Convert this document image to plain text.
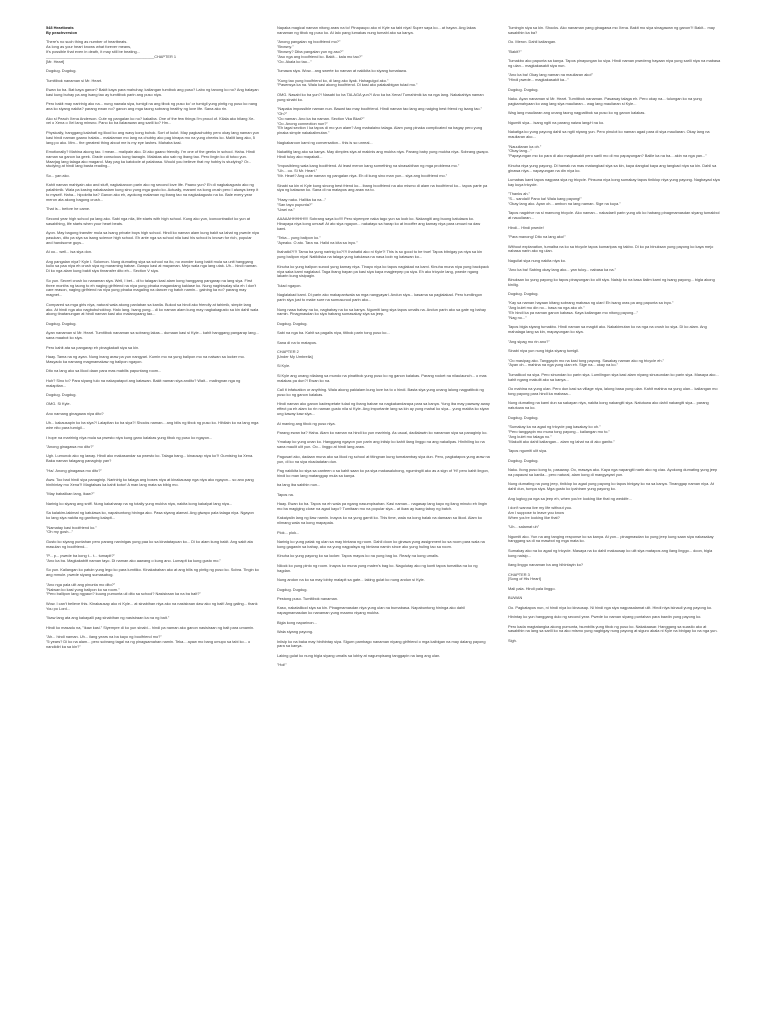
548 Heartbeats
By peachversion

There's no such thing as number of heartbeats.
As long as your heart knows what forever means,
It's possible that even in death, it may still be beating...
__________________________________________________CHAPTER 1
[Mr. Heart]

Dugdug. Dugdug.

Tumitibok nanaman si Mr. Heart.

Ewan ko ba. Bat kaya ganon? Bakit kaya para mahuhay, kailangan tumibok ang puso? Labo ng tanong ko no? Ang balayan kasi kung buhay pa ang isang tao ay tumitibok parin ang puso niya.

Pero bakit may naririnig ako na... nung nawala siya, tumigil na ang tibok ng puso ko' or tumigil yung pintig ng puso ko nang ana ko siyang nakita? parang ewan no? ganon ang mga taong sobrang healthy ng love life. Sana ako rin.

Ako si Peach Xena Anderson. Cute ng pangalan ko no? kakaiba. One of the few things I'm proud of. Kilala ako bilang Xe-xei o Xena o Xei lang minsno. Pano ko ba ilalarawan ang sarili ko? Hm...

Physically, hanggang kalahati ng likod ko ang wavy kong buhok. Sort of kulot. May pagkachubby pero okay lang naman yun kasi hindi naman gaano halata... malalaman mo lang na chubby ako pag kinapa mo na yung cheeks ko. Maliit lang ako, 5 lang po ako. Mm... the greatest thing about me is my eye lashes. Mahaba kasi.

Emotionally? Mahina akong tao. I mean... malipain ako. Di ako gaano friendly. I'm one of the geeks in school. Haha. Hindi naman sa ganon ka geek. Grade conscious kung tawagin. Malakas ako sab ng ibang tao. Pero lingin ko di totoo yun. Maarjag lang talaga ako magarol. May pag ka katolode at palabasa. Would you believe that my hobby is studying? Or... studying at hindi lang basta reading...

So... yan ako.

Kahit naman mahiyain ako and stuff, nagkakaroon parin ako ng second love life. Paano yun? Eh di nagkakagusto ako ng palaihimik. Wala pa kasing nakakaalam kung sino yung mga gusto ko. Actually, marami na kong crush pero I always keep it to myself. Haha... hipokrita ba? Ganon ako eh, ayokong malaman ng ibang tao na nagkakagusto na ko. Bale every year meron ata akong bagong crush...

That is... before he came.

Second year high school pa lang ako. Sabi nga nila, life starts with high school. Kung ako yun, iconcontradict ko yun at sasabihing, life starts when your heart beats.

Ayon. May bagong transfer mula sa isang private boys high school. Hindi ko naman alam kung bakit sa lahat ng pwede niya pasukan, dito pa siya sa isang science high school. Eh ante nga sa school nila kasi his school is known for rich, popular and handsome guys...

At oo... well... isa siya don.

Ang pangalan niya? Kyle I. Solomon. Nung dumating siya sa school na ito, no wonder kung bakit mula sa unit hanggang kulio sa paa niya eh crush siya ng maraming babae. Gwapo kasi at mayaman. Mejo wala nga lang utak. Uh... hindi naman. Di ko nga alam kung bakit siya tinransfer dito eh... Section V siya.

So yun. Secret crush ko nanaman siya. Well, I bet... di to talagan kasi alam kong hanggang pangarap na lang siya. First three months ng taong to eh naging girlfriend na niya yung pinaka magandang kaklase ko. Nung naghiwalay sila eh I don't care reason, naging girlfriend na niya yung pinaka magaling na dancer ng batch namin... gaining ka no? parang may magnet...

Compared sa mga girls niya, natural wala akong panlaban sa kanila. Bukod sa hindi ako friendly at tahimik, simple lang ako. At hindi nga ako nagbubuhokboy. Halo lang. Isang yung... di ko naman alam kung may nagkakagusto sa kin dahil wala akong tinatanungan at hindi naman kasi ako malaroyaang tao...

Dugdug. Dugdug.

Ayan nanaman si Mr. Heart. Tumitibok nanaman sa sobrang lakas... dumaan kasi si Kyle... kahit hanggang pangarap lang... sana maabot ko siya.

Pero kahit ata sa pangarap eh pinagkakait siya sa kin.

Haay. Tama na ng ayan. Nung inang araw pa yun nangyari. Kumin mo na yung balipon mo na naiwan sa locker mo. Masyado ka namang magmamakaw ng balipon ngayon.

Dito na lang ako sa likod daan para mas mabilis papuntang room...

Huh? Sino to? Para siyang tulo na nakapatapot ang katawan. Bakit naman siya andito? Wait... malingnan nga ng malapitan...

Dugdug. Dugdug.

OMG. Si Kyle.

Ano namang ginagawa niya dito?

Uh... kakausapin ko ba siya?! Lalapitan ko ba siya?! Shocks naman... ang bilis ng tibok ng puso ko. Hihilain ko na lang mga wire nito para tumigil...

I hope na maririnig niya mula sa pwesto niya kung gano kalakas yung tibok ng puso ko ngayon...

"Anong ginagawa mo dito?"

Ugh. Lumunok ako ng laway. Hindi ako makasandar sa pwesto ko. Talaga bang... kinausap niya ko?! Gumising ka Xena. Baka naman talagang panaginip yan?

"Ha/. Anong ginagawa mo dito?"

Aww. Too bad hindi siya panaginip. Narinirig ko talaga ang boses niya at kinakausap nga niya ako ngayon... so ano pang hinihintay mo Xena?! Magtalsas ka kahit kotor! A man lang mata sa bibig mo.

"May babalikan lang, ikaw?"

Narinig ko siyang ang sniff. Nung kakaharap na ng totally yung mukha niya, nakita kong kakalyat lang niya...

Sa kalakim-lakimat ng katulawa ko, napabuntong hininga ako. Pasa siyang alamat. Ang giwapo pala talaga niya. Ngayon ko lang siya nakita ng ganitong kalapit...

"Namatay kasi boolfriend ko."
"Oh my gosh..."

Gusto ko siyang puntahan pero parang naninigas yung paa ko sa kinatatayuan ko... Di ko alam kung bakit. Ang sakit ata masulan ng boolfriend...

"P... p... pwede ba kong t... t... tumapit?"
"Ano ka ba. Magkakabitt naman tayo. Di naman ako aawang o kung ano. Lumapit ka kung gusto mo."

So yun. Kailangan ko patuin yung lego ko para lumitiko. Kinakabahan ako at ang bilis ng pintig ng puso ko. Sobra. Tingin ko ang mmule. pwede siyang sumasabog.

"Ano nga pala ulit ang pinunta mo dito?"
"Naiwan ko kasi yung balipon ko sa room."
"Pero ballipon lang ngyaun? kuung pumunta uli dito sa school? Nasisiraan ka na ba bait?"

Wow. I can't believe this. Kinakausap ako ni Kyle... at sinabihan niya ako na nasisiraan daw ako ng bait! Ang galing... thank You po Lord...

"Ikaw lang ata ang kakayalli pag sinabihan ng nasisiraan ka na ng bait."

Hindi ko masadu na, "ikaw kasi." Siyempre di ko yun sinabi... hindi pa naman ako ganon nasisiraan ng bait para umamin.

"Ah... hindi naman. Uh... ilang years na ba kayo ng boolfriend mo?"
"5 years? Di ko na alam... pero sobrang tagal na ng pinagsamahan namin. Teka... ayaw mo bang umupo sa tabi ko... o nandidiri ka sa kin?"

Napaka magical naman nitong araw na to! Pinapaupo ako ni Kyle sa tabi niya! Super saya ko... at hayan. Ang lakas nanaman ng tibok ng puso ko. At lalo pang lumakas nung tumabi ako sa kanya.

"Anong pangalan ng boolfriend mo?"
"Browny."
"Browny? Diba pangalan yun ng aso?"
"Aso nga ang boolfriend ko. Bakit... kala mo tao?"
"Oo. Akala ko tao..."

Tumawa siya. Wow... ang swerte ko naman at nakikita ko siyang tumatawa.

"Kung tao yung boolfriend ko, di lang ako iiyak. Hahagulgol ako."
"Pasensya ka na. Wala kasi akong boolfriend. Di kasi ako palakaibigan tulad mo."

OMG. Nasabi ko ba yun?! Nasabi ko ba TALAGA yun?! Ano ka ba Xena! Tumahimik ka na nga lang. Nakakahiya naman yung sinabi ko.

"Napaka impossible naman nun. Bawat tao may boolfriend. Hindi naman tao lang ang naiging best friend ng isang tao."
"Oh?"
"Oo naman. Ano ka ba naman. Section Vka Bkat?"
"Oo. Anong connection nun?"
"Eh lagai section I ka tapos di mo yun alam? Ang mabalaino talaga. Alam yung pinaka complicated na bagay pero yung pinaka simple nakakalimutan."

Nagkakaroon kami ng conversation... this is so unreal...

Nakatitig lang ako sa kanya. May dimples siya at makinis ang mukha niya. Parang baby yung mukha niya. Sobrang gwapo. Hindi tuloy ako mapakali...

"Impusibleng wala kang boolfriend. At least meron kang something na sinasabihan ng mga problema mo."
"Uh... oo. Si Mr. Heart."
"Mr. Heart? Ang cute naman ng pangalan niya. Eh di kung sino man yun... siya ang boolfriend mo."

Sinabi sa kin ni Kyle kung sinong best friend ko... ibang boolfriend na ako mismo di alam na boolfriend ko... tapos parte pa siya ng katawan ko. Sana di na matapos ang araw na to.

"Haay nako. Hallika ka na..."
"San tayo pupunta?"
"Uwei na."

AAAAAHHHHH!!!! Sobrang saya ko!!!! Pero siyempre naka tago yun sa loob ko. Nakangiti ang buong katulawa ko. Hinayaya niya kong umuwi! At ato siya ngayon... nakatayo sa harap ko at inooffer ang kamay niya para umuwi na daw kami.

"Teka... yung balipon ko."
"Ayeako. O ato. Tara na. Halid na kita sa inyo."

Ihahatid?!?! Tama ba yung narinig ko?!?! Ihahatid ako ni Kyle?! This is so good to be true! Tapos bitnigay pa niya sa kin yung balipon niya! Natildiska na talaga yung katulawa na nasa loob ng katawan ko...

Kinuha ko yung balipon sunod yung kamay niya. Tinayo niya ko tapos naglakad na kami. Kinuha muna niya yung backpack niya saka kami naglakad. Taga ibang bayan pa kasi siya kaya magjeepep pa siya. Eh ako tricycle lang, pwede ngang lakarin kung sisipagin.

Tulad ngayon.

Naglalakad kami. Di parin ako makapaniwala sa mga nangyayari. Andun siya... kasama sa paglalakad. Pero tumilingon parin siya just to make sure na sumusunod parin ako...

Nung nasa bahay na ko, nagbabay na ko sa kanya. Ngumiti lang siya tapos umalis na. Andun parin ako sa gate ng bahay namin. Pinagmasdan ko siya habang sumasakay siya sa jeep.

Dugdug. Dugdug.

Sabi na nga ba. Kahit sa pagalis niya, titibok parin tong puso ko...

Sana di na to matapos.

CHAPTER 2
[Under My Umbrella]

Si Kyle.

Si Kyle ang unang nilalang sa mundo na pinatibok yung puso ko ng ganon kalakas. Parang rocket na nilaulaunch... o mas malakas pa dun?! Ewan ko na.

Call it infatuation or anything. Wala akong pakialam kung love ba to o hindi. Basta siya yung unang lalong nagpatibok ng puso ko ng ganon kalakas.

Hindi naman ako ganon kadespetate tulad ng ibang babae na nagkakandarapa para sa kanya. Yung iba may pawway away effect pa eh alam ko rin naman gusto nila si Kyle. Ang importante lang sa kin ay yung mahal ko siya... yung makita ko siyan ung kaway kaw siya...

At maning ang tibok ng puso niya.

Parang ewan ba? Haha. Alam ko naman na hindi ko yun maririnig. As usual, dadlalawin ko nanaman siya sa panaginip ko.

Ymakap ko yung unan ko. Hanggang ngayon yun parin ang iniisip ko kahit ilang linggo na ang nakalipas. Hinihiling ko na sana maulit ulit yun. Oo... linggo at hindi lang araw.

Pagusari ako, dadaan muna ako sa likod ng school at titingnan kung tumatambay siya dun. Pero, pagkatapos yung araw na yun, di ko na siya nkadadatan dun.

Pag nakikita ko siya sa canteen o sa kahit saan ko pa siya makasalubong, ngumingiti ako as a sign of 'Hi' pero kahit lingon, hindi ko man lang matanggap mula sa kanya.

ba lang iba sabihin nun...

Tapos na.

Haay. Ewan ko ba. Tapos na eh wala pa ngang nasumpisahan. Kasi naman... nagasap lang kayo ng ilang minuto eh lingin mo ba magiging close na agad kayo? Tumitaan mo na popular siya... at ikaw ay isang taboy ng batch.

Kakaiyalin lang ng ilaw namin. Inayos ko na yung garnit ko. This time, wala na kong balak na damaan sa likod. Alam ko niimang wala na kong mapapala.

Plok... plok...

Narinig ko yung patak ng ulan sa may bintana ng room. Dahil doon ko ginawa yung assignment ko sa room para wala na kong gagawin sa bahay, ako na yung nagpalsya ng bintana namin since ako yung huling tao sa room.

Kinuha ko yung payong ko sa locker. Tapos mayos ko na yung bag ko. Ready na kong umalis.

Nilock ko yung pinto ng room. Inayos ko muna yung malen's bag ko. Nagulutay ako ng konti tapos tumatika na ko ng hagdan.

Nung andon na ko sa may lobby malapit sa gate... laking gulat ko nung andun si Kyle.

Dugdug. Dugdug.

Pestong puso. Tumitibok nanaman.

Kaso, nakatalikod siya sa kin. Pinagmamasdan niya yung ulan na bumabasa. Napabuntong hininga ako dahil napagmamasdan ko nanaman yung maamo niyang mukha.

Bigla kong naparinon...

Wala siyang payong.

Iniisip ko na baka may hinihintay siya. Sigurn pambago nanaman niyang girlfriend o mga kaibigan na may dalang payong para sa kanya.

Laking gulat ko nung bigla siyang umalis sa lobby at nagumpisang tanggapin na lang ang ulan.

"Hoi!"

Tumingin siya sa kin. Shocks. Ako nanaman yang ginagawa mo Xena. Bakit mo siya sinagawan ng ganon?! Bakit... may sasabihin ka ba?

Oo. Meron. Dahil kailangan.

"Bakit?"

Tumakbo ako papunta sa kanya. Tapos pinayungan ko siya. Hindi naman pwedeng hayaan niya yung sarili niya na mabasa ng ulan... magkakasakit siya nun.

"Ano ka ba! Okay lang naman na mauliaran ako!"
"Hindi pwede... magkakasakit ka..."

Dugdug. Dugdug.

Naku. Ayan nanaman si Mr. Heart. Tumitibok nanaman. Pasaway talaga eh. Pero okay na... tulungan ko na yung pagkamahyaan ko wag lang siya mauliaran... wag lang mauliaran si Kyle...

Wag lang mauliaran ang unang taong nagpatibok sa puso ko ng ganon kalakas.

Ngumiti siya... isang ngiti na parang naiwa lang/ri na ko.

Nakatiga ko yung payong dahil sa ngiti niyang yun. Pero pinulot ko naman agad para di siya mauliaran. Okay lang na mauliaran ako...

"Nauuliaran ka oh."
"Okay lang..."
"Papayungan mo ko para di ako magkasakit pero sarili mo di mo papayungan? Balile ka na ba... akin na nga yan..."

Kinuha niya yung payong. Di hamak na mas matangkad siya sa kin, kaya dangkal kaya ang tangkad niya sa kin. Dahil sa ginawa niya... napayungan na din niya ko.

Lumabas kami tapos nagpara siya ng tricycle. Pinsuna niya kong sumakay tapos tiniklop niya yung payong. Nagbayad siya kay kuya tricycle.

"Thanks ah."
"S... sandali! Pano ka! Wala kang payong!"
"Okay lang ako. Ayan oh... ambon na lang naman. Sige na kuya."

Tapos nagdrive na si mamong tricycle. Ako naman... nakadaeli parin yung utk ko habang pinagmamasdan siyang tumakbol at nauuliaran...

Hindi... Hindi pwede!

"Para manong! Dito na lang ako!"

Without explanation, tumalba na ko sa tricycle tapos kumaripas ng takbo. Di ko pa binuksan yung payong ko kaya mejo nabasa narin ako ng ulan.

Naguilat siya nung nakita niya ko.

"Ano ka ba! Sabing okay lang ako... yan tuloy... nabasa ka na."

Binuksan ko yung payong ko tapos pinayungan ko ulit siya. Naisip ko na kasa ilalim kami ng isang payong... bigla akong kinilig.

Dugdug. Dugdug.

"Kay sa naman hayaan kitang sobrang mabasa ng ulan! Eh isang oras pa ang papunta sa inyo."
"Ang kulet mo din no... basa na nga ako oh."
"Eh hindi ka pa naman ganon kabasa. Kaya kailangan mo nitong payong..."
"Nag no..."

Tapos bigla siyang tumakbo. Hindi naman sa magkit ako. Nakakimutan ko na nga na crush ko siya. Di ko alam. Ang mahalaga lang sa kin, mapayungan ko siya.

"Ang sipag mo rin ano?"

Sinabi niya yun nung bigla siyang tumigil.

"Oo masipag ako. Tanggapin mo na kasi tong payong. Sasakay naman ako ng tricycle eh."
"Ayan oh... mahina na nga yung ulan eh. Sige na... okay na ko."

Tumalikod na siya. Pero sinundan ko parin siya. Lumilingon siya kasi alam niyang sinusundan ko parin siya. Masaya ako... kahit ngang makulit ako sa kanya...

Oo mahina na yung ulan. Pero dun kasi sa village niya, lalong basa yung ulan. Kahit mahina na yung ulan... kailangan mo tong payong para hindi ka mabasa...

Nung dumating na kami dun sa sakayan niya, nakita kong nakangiti siya. Natutuwa ako dahil nakangiti siya... parang natutuwa na ko.

Dugdug. Dugdug.

"Sumakay ka na agad ng tricycle pag kasakay ko oh."
"Pero tanggapin mo muna tong payong... kailangan mo to."
"Ang kulet mo talaga no."
"Makulit ako dahil kailangan... alam ng lahat na di ako ganito."

Tapos ngumiti ulit siya.

Dugdug. Dugdug.

Naku. Itong puso kong to, pasaway. Oo, masaya ako. Kaya nga napangiti narin ako ng ciao. Ayokong dumating yung jeep na papauwi sa kanila... pero natural, alam kong di mangyayari yun.

Nung dumating na yung jeep, tiniklop ko agad yung payong ko tapos binigay ko na sa kanya. Tinanggap naman niya. At dahil dun, tumpa siya. Mga gusto ko ipahiram yung payong ko.

Ang lugtog pa nga sa jeep eh, when you're looking like that ng weddfe...

I don't wanna live my life without you.
Am I suppose to leave you know
When you're looking like that?

"Uh... salamat uh"

Ngumiti ako. Yun na ang tanging response ko sa kanya. At yon... pinagmasdan ko yung jeep kung saan siya nakasakay hanggang sa di na mawbot ng mga mata ko.

Sumakay ako na ko agad ng tricycle. Masaya na ko dahil makausap ko ulit siya matapos ang ilang linggo... doon, bigla kong naisip...

Ilang linggo nanaman ba ang hihintayin ko?

CHAPTER 3
[Song of His Heart]

Mali pala. Hindi pala linggo.

BUWAN

Oo. Pagkatapos nun, ni hindi niya ko kinausap. Ni hindi nga siya nagpasalamat ulit. Hindi niya isinauli yung payong ko.

Hinintay ko yun hanggang dulo ng second year. Pwede ko naman siyang puntahan para bawiin yung payong ko.

Pero kada magtatangka akong pumunta, tsumbilis yung tibok ng puso ko. Nakakaasar. Hanggang sa suasilo ako at sasabihin na lang sa sarili ko na ako mismo yung nagbigay nung payong at siguro akala ni Kyle na binigay ko na nga yun.

Sigh.
